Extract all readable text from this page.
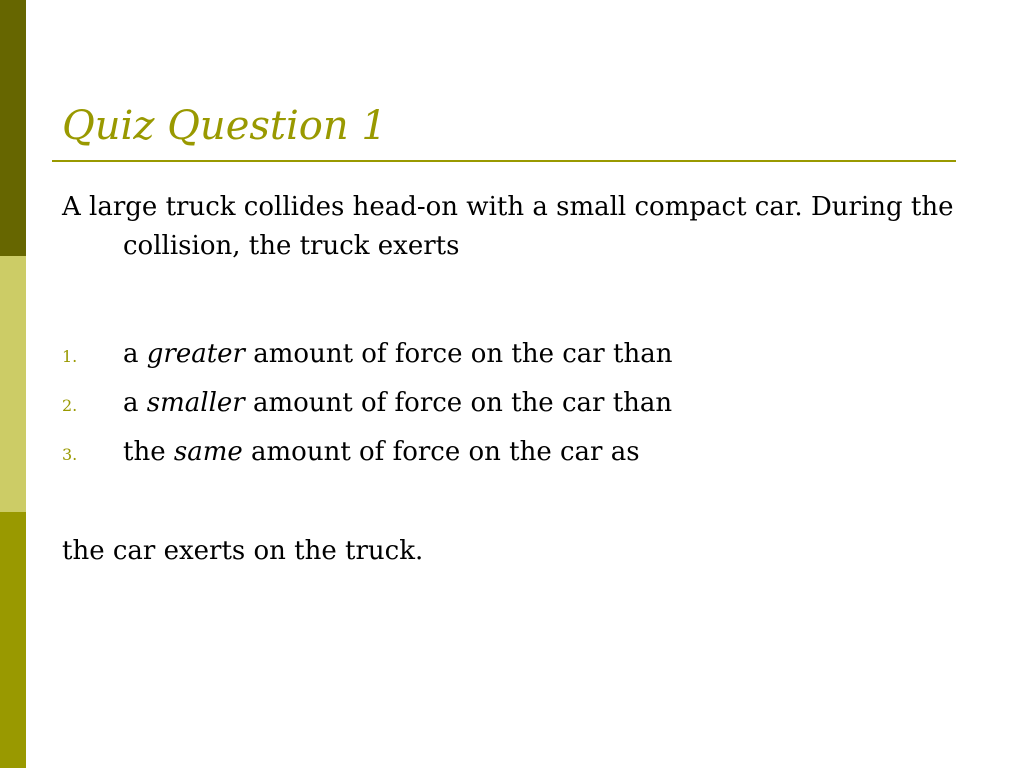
Quiz Question 1

A large truck collides head-on with a small compact car. During the collision, the truck exerts

1. a greater amount of force on the car than
2. a smaller amount of force on the car than
3. the same amount of force on the car as

the car exerts on the truck.
